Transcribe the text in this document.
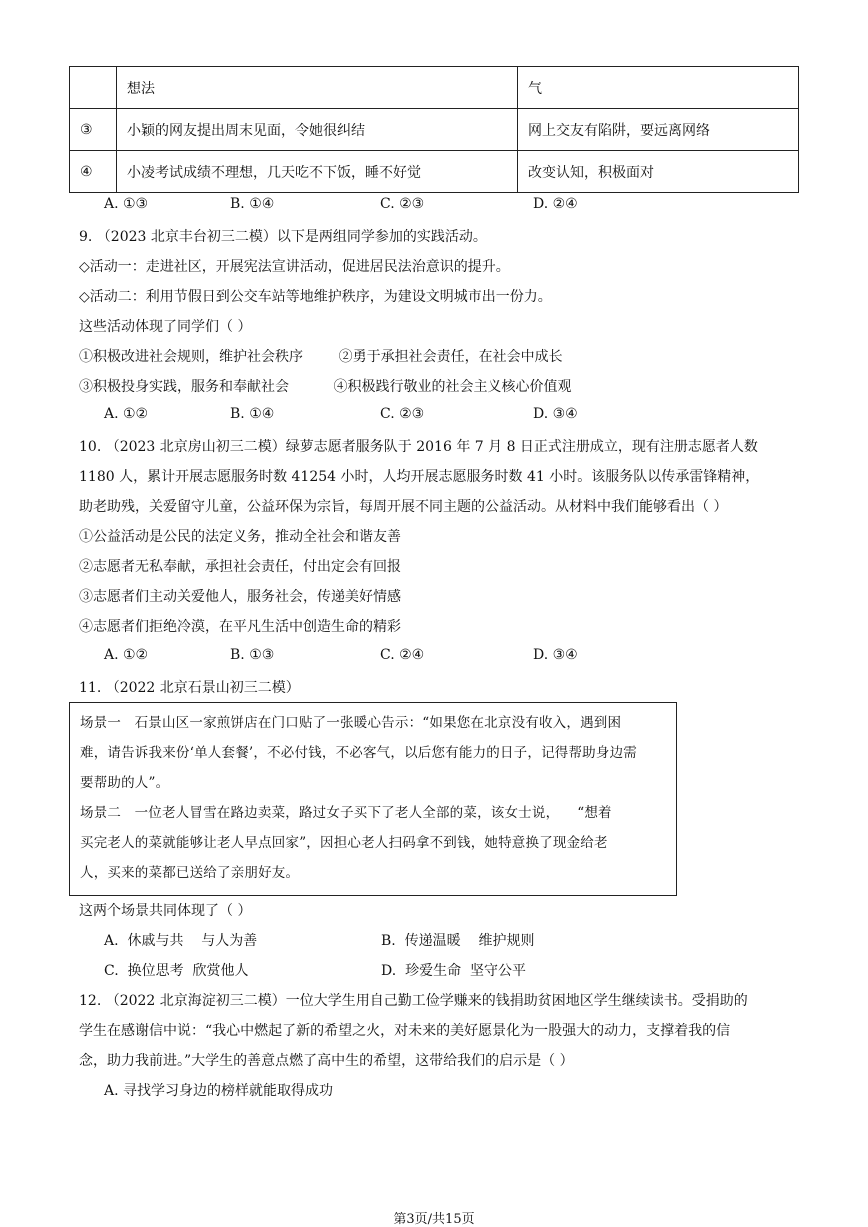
	想法	气
③	小颖的网友提出周末见面，令她很纠结	网上交友有陷阱，要远离网络
④	小凌考试成绩不理想，几天吃不下饭，睡不好觉	改变认知，积极面对
A. ①③	B. ①④	C. ②③	D. ②④
9. （2023 北京丰台初三二模）以下是两组同学参加的实践活动。
◇活动一：走进社区，开展宪法宣讲活动，促进居民法治意识的提升。
◇活动二：利用节假日到公交车站等地维护秩序，为建设文明城市出一份力。
这些活动体现了同学们（ ）
①积极改进社会规则，维护社会秩序        ②勇于承担社会责任，在社会中成长
③积极投身实践，服务和奉献社会          ④积极践行敬业的社会主义核心价值观
A. ①②	B. ①④	C. ②③	D. ③④
10. （2023 北京房山初三二模）绿萝志愿者服务队于 2016 年 7 月 8 日正式注册成立，现有注册志愿者人数
1180 人，累计开展志愿服务时数 41254 小时，人均开展志愿服务时数 41 小时。该服务队以传承雷锋精神，
助老助残，关爱留守儿童，公益环保为宗旨，每周开展不同主题的公益活动。从材料中我们能够看出（ ）
①公益活动是公民的法定义务，推动全社会和谐友善
②志愿者无私奉献，承担社会责任，付出定会有回报
③志愿者们主动关爱他人，服务社会，传递美好情感
④志愿者们拒绝冷漠，在平凡生活中创造生命的精彩
A. ①②	B. ①③	C. ②④	D. ③④
11. （2022 北京石景山初三二模）
场景一   石景山区一家煎饼店在门口贴了一张暖心告示：“如果您在北京没有收入，遇到困
难，请告诉我来份‘单人套餐’，不必付钱，不必客气，以后您有能力的日子，记得帮助身边需
要帮助的人”。
场景二   一位老人冒雪在路边卖菜，路过女子买下了老人全部的菜，该女士说，    “想着
买完老人的菜就能够让老人早点回家”，因担心老人扫码拿不到钱，她特意换了现金给老
人，买来的菜都已送给了亲朋好友。
这两个场景共同体现了（ ）
A.  休戚与共    与人为善	B.  传递温暖    维护规则
C.  换位思考  欣赏他人	D.  珍爱生命  坚守公平
12. （2022 北京海淀初三二模）一位大学生用自己勤工俭学赚来的钱捐助贫困地区学生继续读书。受捐助的
学生在感谢信中说：“我心中燃起了新的希望之火，对未来的美好愿景化为一股强大的动力，支撑着我的信
念，助力我前进。”大学生的善意点燃了高中生的希望，这带给我们的启示是（ ）
A. 寻找学习身边的榜样就能取得成功
第3页/共15页
